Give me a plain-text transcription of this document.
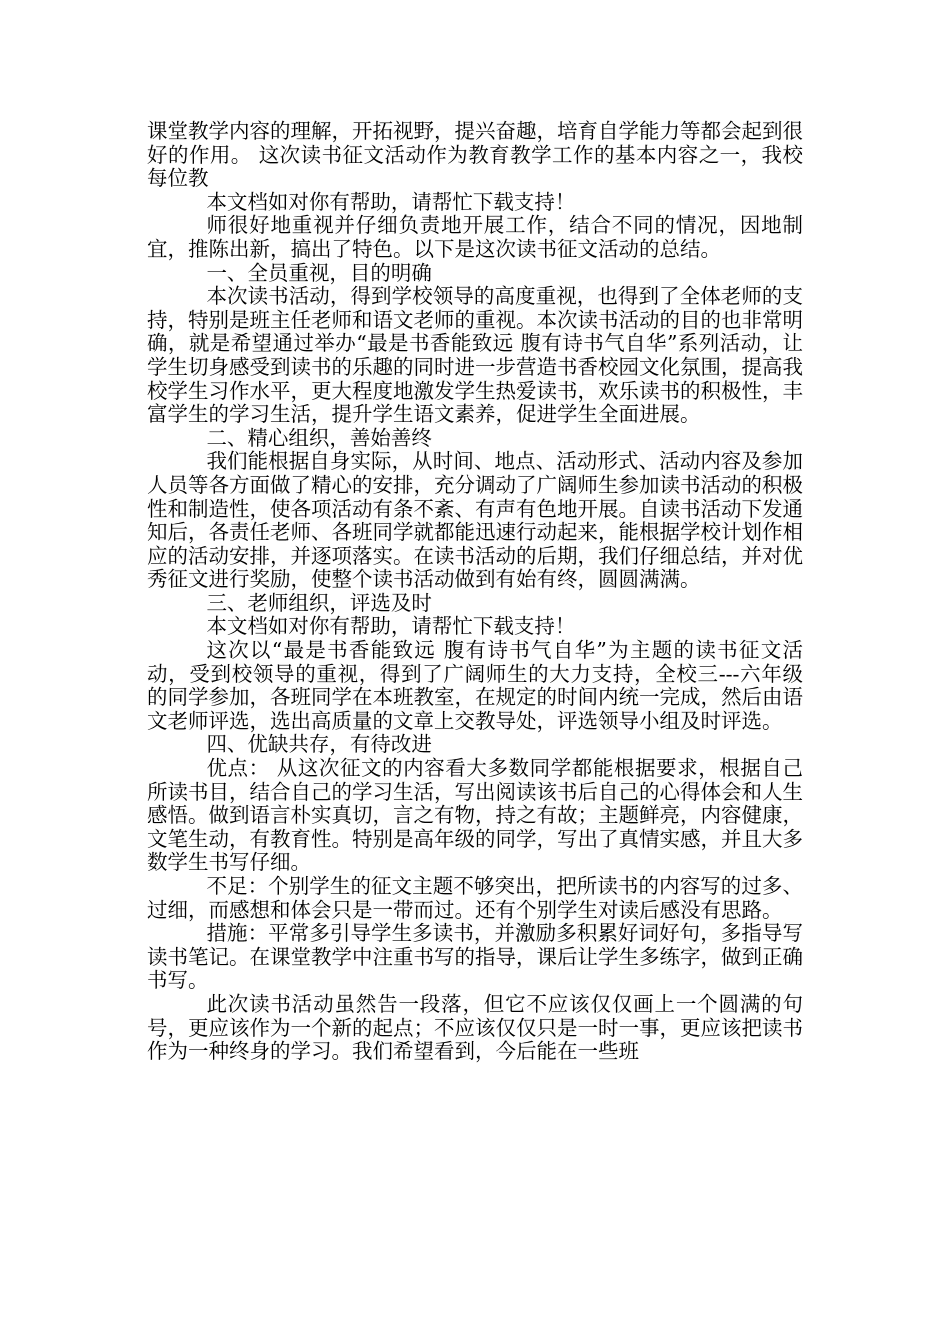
课堂教学内容的理解，开拓视野，提兴奋趣，培育自学能力等都会起到很好的作用。 这次读书征文活动作为教育教学工作的基本内容之一，我校每位教

本文档如对你有帮助，请帮忙下载支持！

师很好地重视并仔细负责地开展工作，结合不同的情况，因地制宜，推陈出新，搞出了特色。以下是这次读书征文活动的总结。

一、全员重视，目的明确

本次读书活动，得到学校领导的高度重视，也得到了全体老师的支持，特别是班主任老师和语文老师的重视。本次读书活动的目的也非常明确，就是希望通过举办“最是书香能致远 腹有诗书气自华”系列活动，让学生切身感受到读书的乐趣的同时进一步营造书香校园文化氛围，提高我校学生习作水平，更大程度地激发学生热爱读书，欢乐读书的积极性，丰富学生的学习生活，提升学生语文素养，促进学生全面进展。

二、精心组织，善始善终

我们能根据自身实际，从时间、地点、活动形式、活动内容及参加人员等各方面做了精心的安排，充分调动了广阔师生参加读书活动的积极性和制造性，使各项活动有条不紊、有声有色地开展。自读书活动下发通知后，各责任老师、各班同学就都能迅速行动起来，能根据学校计划作相应的活动安排，并逐项落实。在读书活动的后期，我们仔细总结，并对优秀征文进行奖励，使整个读书活动做到有始有终，圆圆满满。

三、老师组织，评选及时

本文档如对你有帮助，请帮忙下载支持！

这次以“最是书香能致远 腹有诗书气自华”为主题的读书征文活动，受到校领导的重视，得到了广阔师生的大力支持，全校三---六年级的同学参加，各班同学在本班教室，在规定的时间内统一完成，然后由语文老师评选，选出高质量的文章上交教导处，评选领导小组及时评选。

四、优缺共存，有待改进

优点： 从这次征文的内容看大多数同学都能根据要求，根据自己所读书目，结合自己的学习生活，写出阅读该书后自己的心得体会和人生感悟。做到语言朴实真切，言之有物，持之有故；主题鲜亮，内容健康，文笔生动，有教育性。特别是高年级的同学，写出了真情实感，并且大多数学生书写仔细。

不足：个别学生的征文主题不够突出，把所读书的内容写的过多、过细，而感想和体会只是一带而过。还有个别学生对读后感没有思路。

措施：平常多引导学生多读书，并激励多积累好词好句，多指导写读书笔记。在课堂教学中注重书写的指导，课后让学生多练字，做到正确书写。

此次读书活动虽然告一段落，但它不应该仅仅画上一个圆满的句号，更应该作为一个新的起点；不应该仅仅只是一时一事，更应该把读书作为一种终身的学习。我们希望看到，今后能在一些班
